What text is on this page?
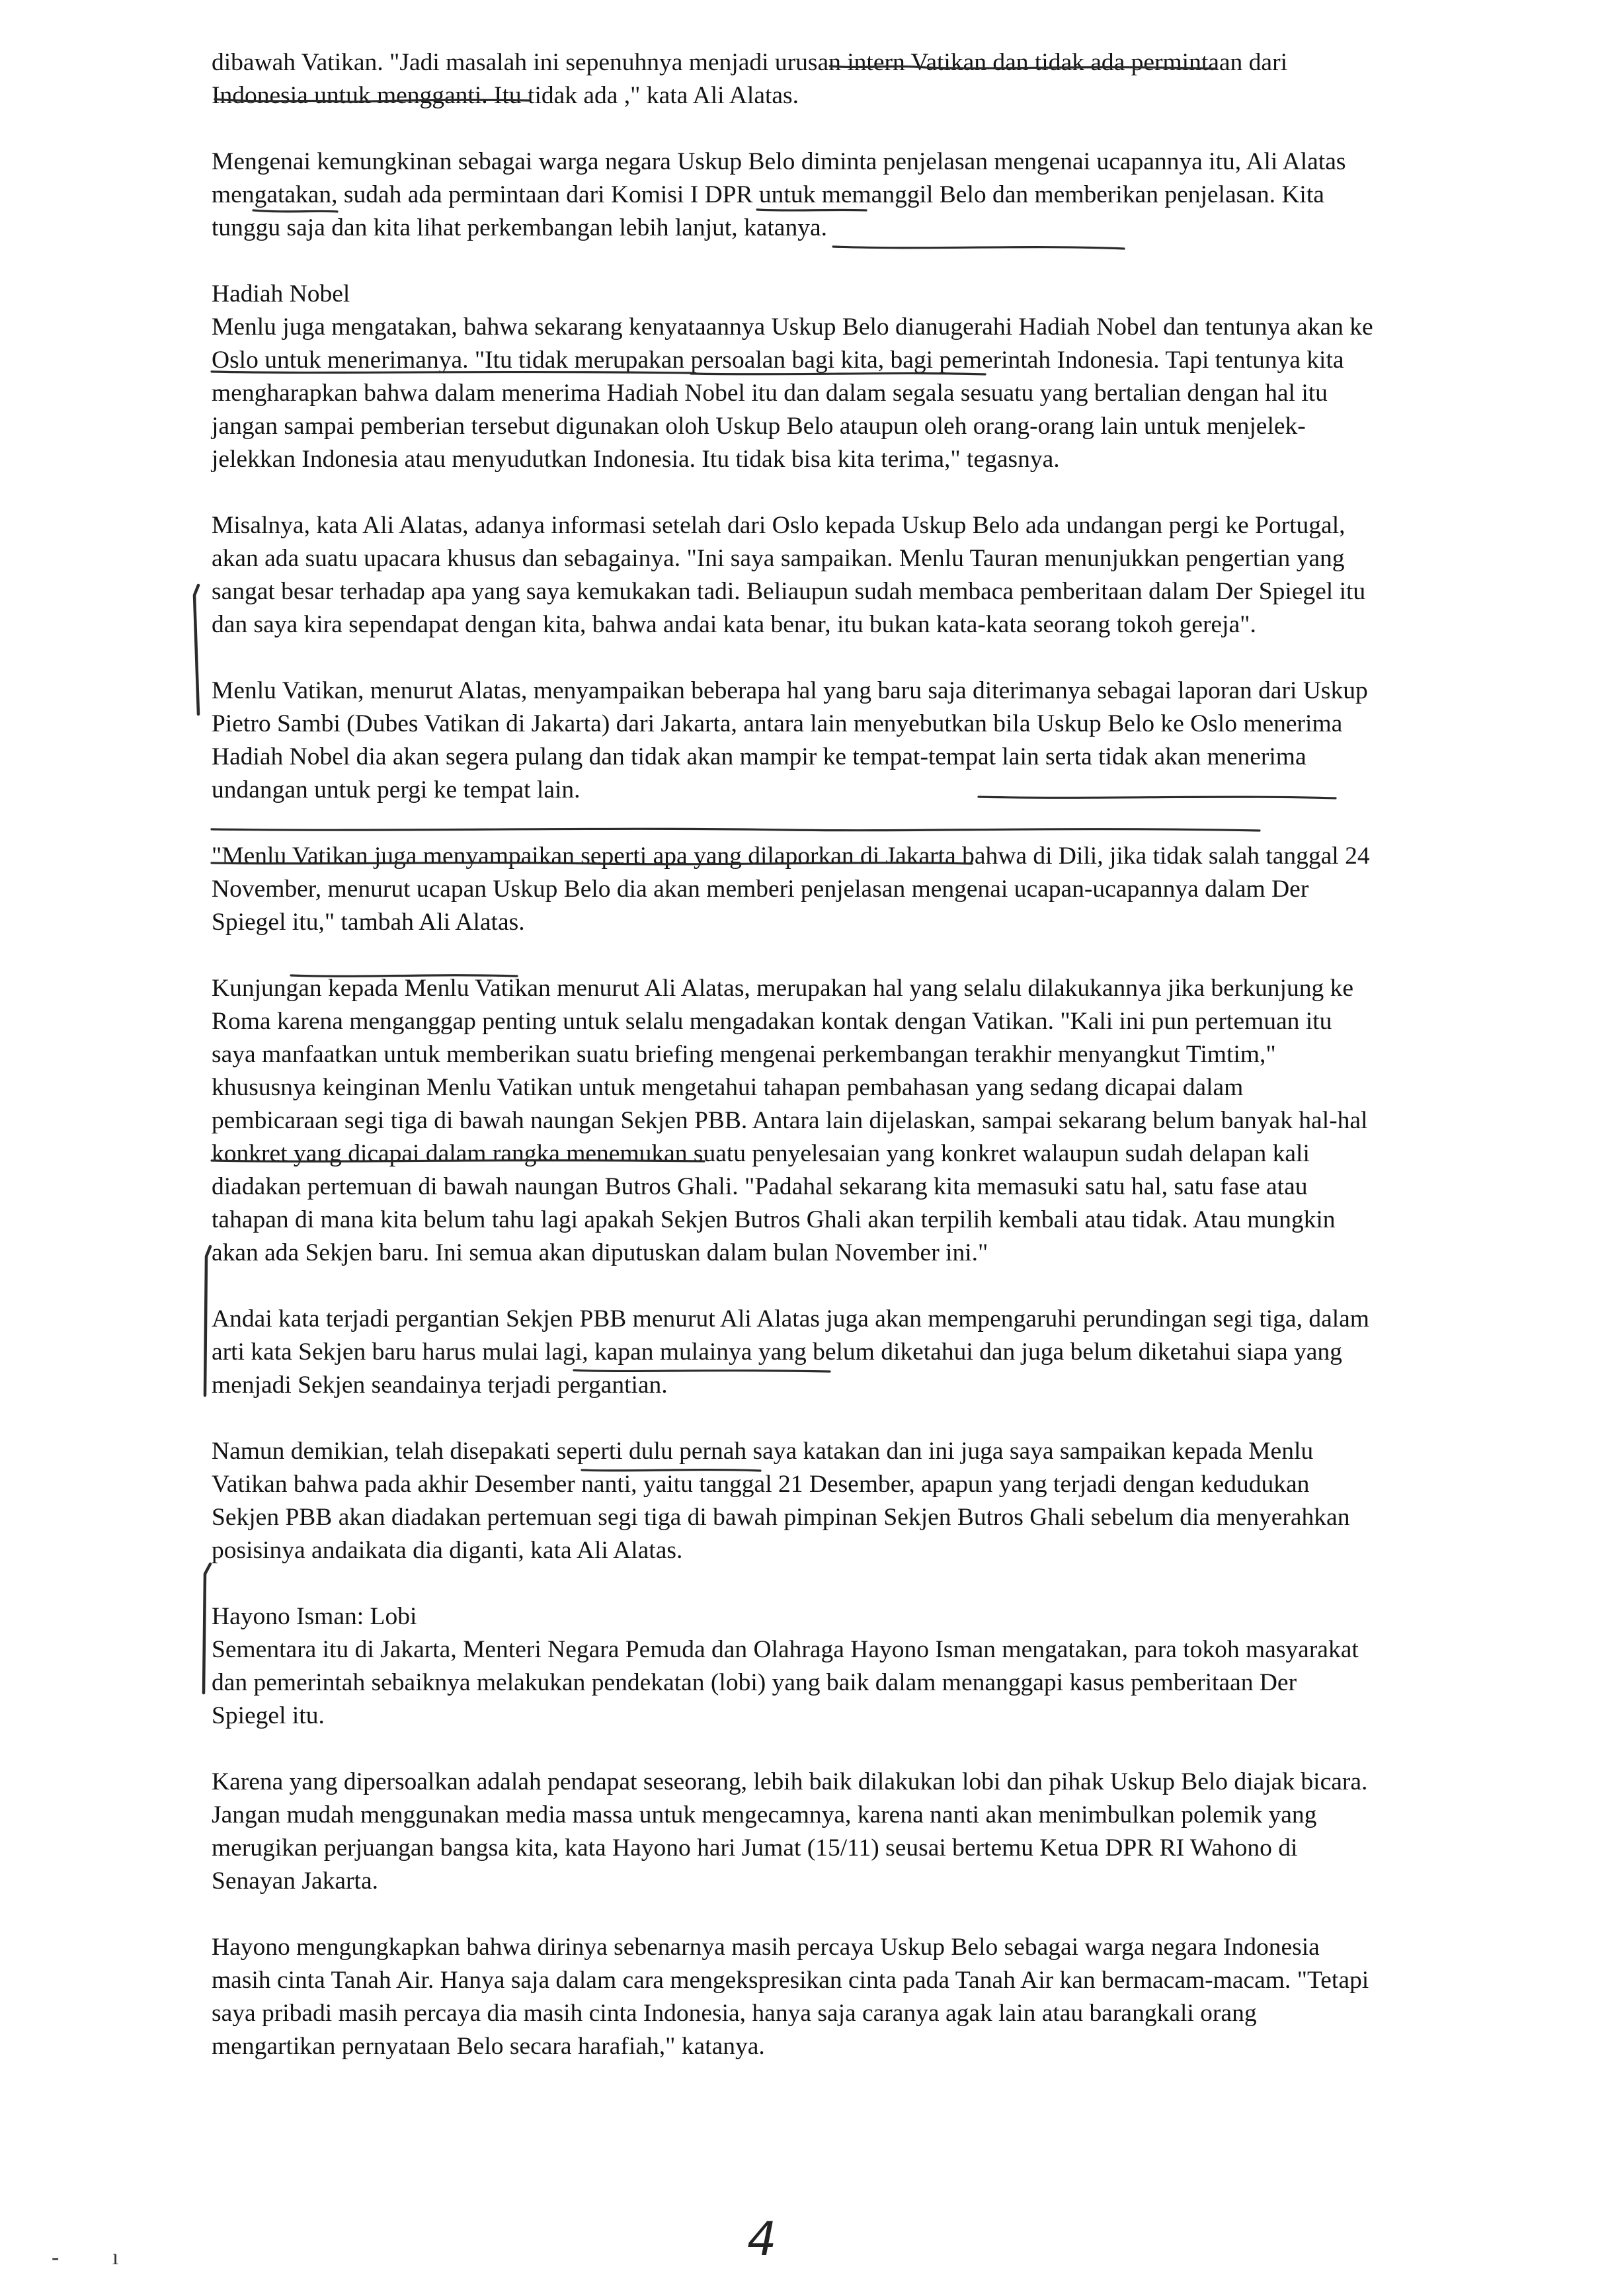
dibawah Vatikan. "Jadi masalah ini sepenuhnya menjadi urusan intern Vatikan dan tidak ada permintaan dari Indonesia untuk mengganti. Itu tidak ada ," kata Ali Alatas.

Mengenai kemungkinan sebagai warga negara Uskup Belo diminta penjelasan mengenai ucapannya itu, Ali Alatas mengatakan, sudah ada permintaan dari Komisi I DPR untuk memanggil Belo dan memberikan penjelasan. Kita tunggu saja dan kita lihat perkembangan lebih lanjut, katanya.

Hadiah Nobel
Menlu juga mengatakan, bahwa sekarang kenyataannya Uskup Belo dianugerahi Hadiah Nobel dan tentunya akan ke Oslo untuk menerimanya. "Itu tidak merupakan persoalan bagi kita, bagi pemerintah Indonesia. Tapi tentunya kita mengharapkan bahwa dalam menerima Hadiah Nobel itu dan dalam segala sesuatu yang bertalian dengan hal itu jangan sampai pemberian tersebut digunakan oloh Uskup Belo ataupun oleh orang-orang lain untuk menjelek-jelekkan Indonesia atau menyudutkan Indonesia. Itu tidak bisa kita terima," tegasnya.

Misalnya, kata Ali Alatas, adanya informasi setelah dari Oslo kepada Uskup Belo ada undangan pergi ke Portugal, akan ada suatu upacara khusus dan sebagainya. "Ini saya sampaikan. Menlu Tauran menunjukkan pengertian yang sangat besar terhadap apa yang saya kemukakan tadi. Beliaupun sudah membaca pemberitaan dalam Der Spiegel itu dan saya kira sependapat dengan kita, bahwa andai kata benar, itu bukan kata-kata seorang tokoh gereja".

Menlu Vatikan, menurut Alatas, menyampaikan beberapa hal yang baru saja diterimanya sebagai laporan dari Uskup Pietro Sambi (Dubes Vatikan di Jakarta) dari Jakarta, antara lain menyebutkan bila Uskup Belo ke Oslo menerima Hadiah Nobel dia akan segera pulang dan tidak akan mampir ke tempat-tempat lain serta tidak akan menerima undangan untuk pergi ke tempat lain.

"Menlu Vatikan juga menyampaikan seperti apa yang dilaporkan di Jakarta bahwa di Dili, jika tidak salah tanggal 24 November, menurut ucapan Uskup Belo dia akan memberi penjelasan mengenai ucapan-ucapannya dalam Der Spiegel itu," tambah Ali Alatas.

Kunjungan kepada Menlu Vatikan menurut Ali Alatas, merupakan hal yang selalu dilakukannya jika berkunjung ke Roma karena menganggap penting untuk selalu mengadakan kontak dengan Vatikan. "Kali ini pun pertemuan itu saya manfaatkan untuk memberikan suatu briefing mengenai perkembangan terakhir menyangkut Timtim," khususnya keinginan Menlu Vatikan untuk mengetahui tahapan pembahasan yang sedang dicapai dalam pembicaraan segi tiga di bawah naungan Sekjen PBB. Antara lain dijelaskan, sampai sekarang belum banyak hal-hal konkret yang dicapai dalam rangka menemukan suatu penyelesaian yang konkret walaupun sudah delapan kali diadakan pertemuan di bawah naungan Butros Ghali. "Padahal sekarang kita memasuki satu hal, satu fase atau tahapan di mana kita belum tahu lagi apakah Sekjen Butros Ghali akan terpilih kembali atau tidak. Atau mungkin akan ada Sekjen baru. Ini semua akan diputuskan dalam bulan November ini."

Andai kata terjadi pergantian Sekjen PBB menurut Ali Alatas juga akan mempengaruhi perundingan segi tiga, dalam arti kata Sekjen baru harus mulai lagi, kapan mulainya yang belum diketahui dan juga belum diketahui siapa yang menjadi Sekjen seandainya terjadi pergantian.

Namun demikian, telah disepakati seperti dulu pernah saya katakan dan ini juga saya sampaikan kepada Menlu Vatikan bahwa pada akhir Desember nanti, yaitu tanggal 21 Desember, apapun yang terjadi dengan kedudukan Sekjen PBB akan diadakan pertemuan segi tiga di bawah pimpinan Sekjen Butros Ghali sebelum dia menyerahkan posisinya andaikata dia diganti, kata Ali Alatas.

Hayono Isman: Lobi
Sementara itu di Jakarta, Menteri Negara Pemuda dan Olahraga Hayono Isman mengatakan, para tokoh masyarakat dan pemerintah sebaiknya melakukan pendekatan (lobi) yang baik dalam menanggapi kasus pemberitaan Der Spiegel itu.

Karena yang dipersoalkan adalah pendapat seseorang, lebih baik dilakukan lobi dan pihak Uskup Belo diajak bicara. Jangan mudah menggunakan media massa untuk mengecamnya, karena nanti akan menimbulkan polemik yang merugikan perjuangan bangsa kita, kata Hayono hari Jumat (15/11) seusai bertemu Ketua DPR RI Wahono di Senayan Jakarta.

Hayono mengungkapkan bahwa dirinya sebenarnya masih percaya Uskup Belo sebagai warga negara Indonesia masih cinta Tanah Air. Hanya saja dalam cara mengekspresikan cinta pada Tanah Air kan bermacam-macam. "Tetapi saya pribadi masih percaya dia masih cinta Indonesia, hanya saja caranya agak lain atau barangkali orang mengartikan pernyataan Belo secara harafiah," katanya.

4
- ı
